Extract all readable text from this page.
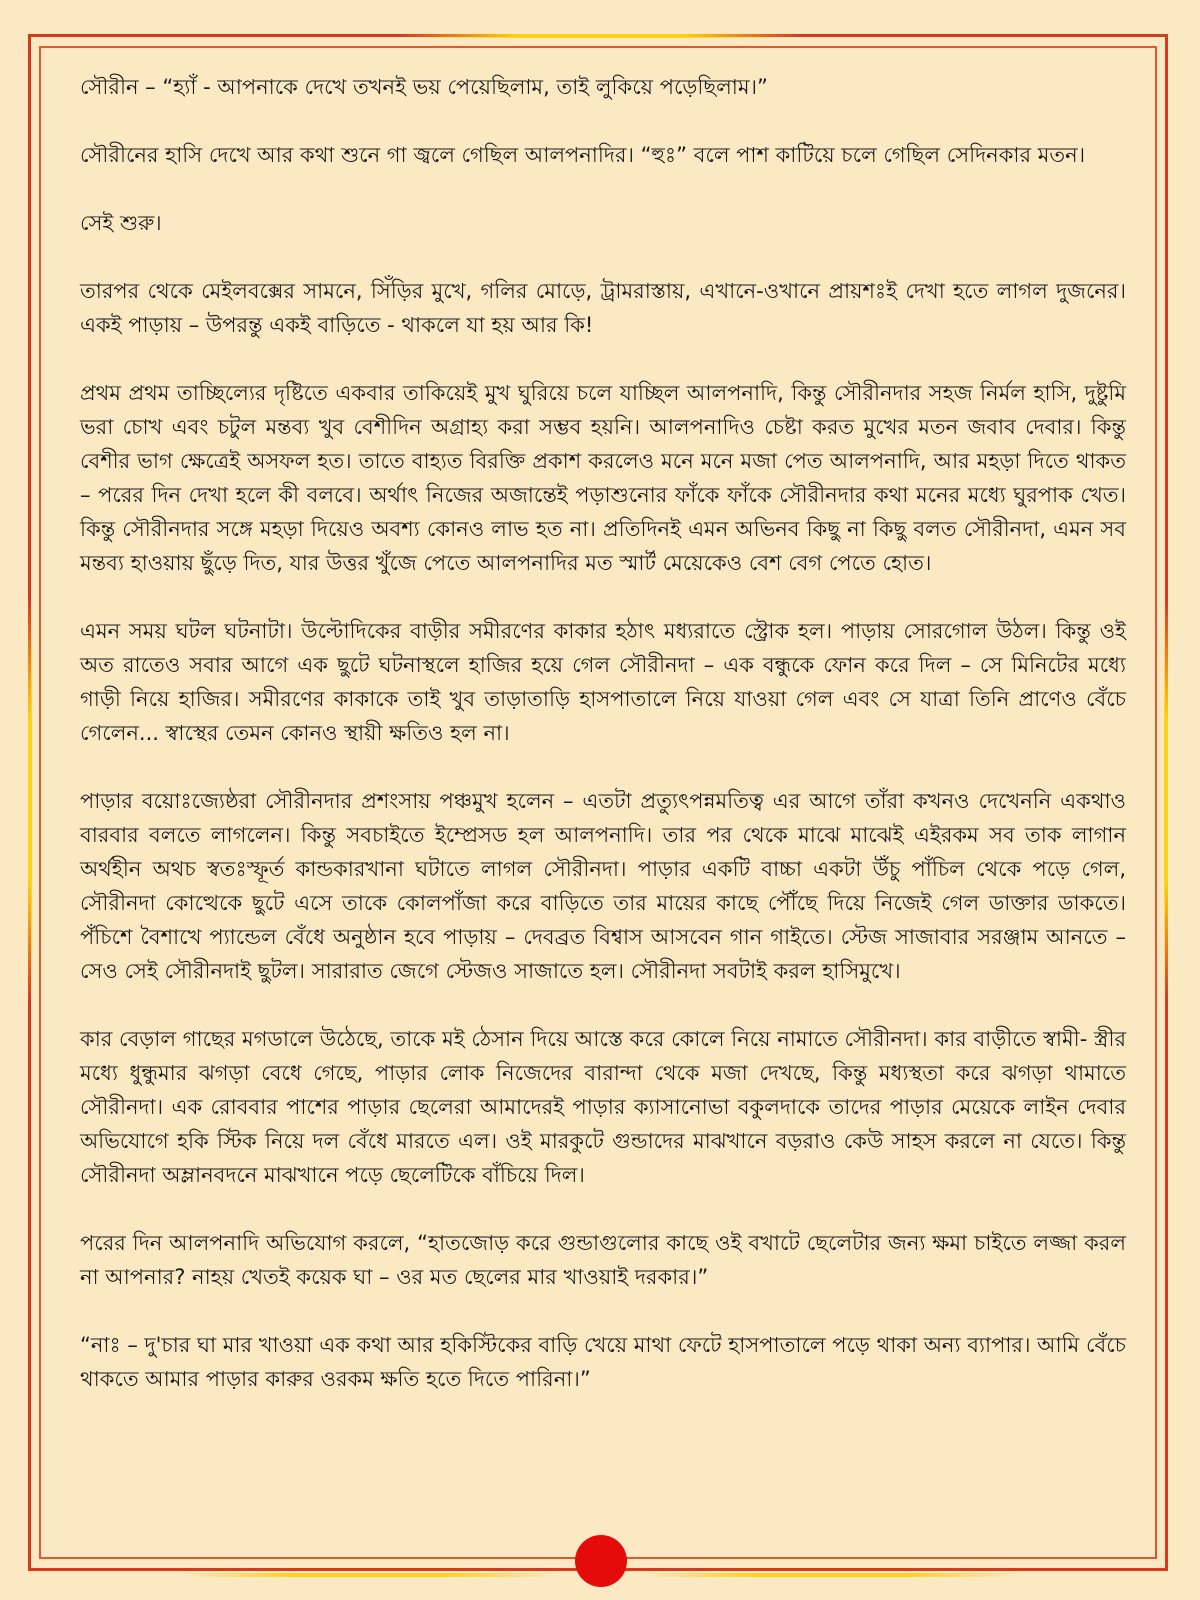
সৌরীন – “হ্যাঁ - আপনাকে দেখে তখনই ভয় পেয়েছিলাম, তাই লুকিয়ে পড়েছিলাম।”

সৌরীনের হাসি দেখে আর কথা শুনে গা জ্বলে গেছিল আলপনাদির। “হুঃ” বলে পাশ কাটিয়ে চলে গেছিল সেদিনকার মতন।

সেই শুরু।

তারপর থেকে মেইলবক্সের সামনে, সিঁড়ির মুখে, গলির মোড়ে, ট্রামরাস্তায়, এখানে-ওখানে প্রায়শঃই দেখা হতে লাগল দুজনের। একই পাড়ায় – উপরন্তু একই বাড়িতে - থাকলে যা হয় আর কি!

প্রথম প্রথম তাচ্ছিল্যের দৃষ্টিতে একবার তাকিয়েই মুখ ঘুরিয়ে চলে যাচ্ছিল আলপনাদি, কিন্তু সৌরীনদার সহজ নির্মল হাসি, দুষ্টুমি ভরা চোখ এবং চটুল মন্তব্য খুব বেশীদিন অগ্রাহ্য করা সম্ভব হয়নি। আলপনাদিও চেষ্টা করত মুখের মতন জবাব দেবার। কিন্তু বেশীর ভাগ ক্ষেত্রেই অসফল হত। তাতে বাহ্যত বিরক্তি প্রকাশ করলেও মনে মনে মজা পেত আলপনাদি, আর মহড়া দিতে থাকত – পরের দিন দেখা হলে কী বলবে। অর্থাৎ নিজের অজান্তেই পড়াশুনোর ফাঁকে ফাঁকে সৌরীনদার কথা মনের মধ্যে ঘুরপাক খেত। কিন্তু সৌরীনদার সঙ্গে মহড়া দিয়েও অবশ্য কোনও লাভ হত না। প্রতিদিনই এমন অভিনব কিছু না কিছু বলত সৌরীনদা, এমন সব মন্তব্য হাওয়ায় ছুঁড়ে দিত, যার উত্তর খুঁজে পেতে আলপনাদির মত স্মার্ট মেয়েকেও বেশ বেগ পেতে হোত।

এমন সময় ঘটল ঘটনাটা। উল্টোদিকের বাড়ীর সমীরণের কাকার হঠাৎ মধ্যরাতে স্ট্রোক হল। পাড়ায় সোরগোল উঠল। কিন্তু ওই অত রাতেও সবার আগে এক ছুটে ঘটনাস্থলে হাজির হয়ে গেল সৌরীনদা – এক বন্ধুকে ফোন করে দিল – সে মিনিটের মধ্যে গাড়ী নিয়ে হাজির। সমীরণের কাকাকে তাই খুব তাড়াতাড়ি হাসপাতালে নিয়ে যাওয়া গেল এবং সে যাত্রা তিনি প্রাণেও বেঁচে গেলেন... স্বাস্থের তেমন কোনও স্থায়ী ক্ষতিও হল না।

পাড়ার বয়োঃজ্যেষ্ঠরা সৌরীনদার প্রশংসায় পঞ্চমুখ হলেন – এতটা প্রত্যুৎপন্নমতিত্ব এর আগে তাঁরা কখনও দেখেননি একথাও বারবার বলতে লাগলেন। কিন্তু সবচাইতে ইম্প্রেসড হল আলপনাদি। তার পর থেকে মাঝে মাঝেই এইরকম সব তাক লাগান অর্থহীন অথচ স্বতঃস্ফূর্ত কান্ডকারখানা ঘটাতে লাগল সৌরীনদা। পাড়ার একটি বাচ্চা একটা উঁচু পাঁচিল থেকে পড়ে গেল, সৌরীনদা কোত্থেকে ছুটে এসে তাকে কোলপাঁজা করে বাড়িতে তার মায়ের কাছে পৌঁছে দিয়ে নিজেই গেল ডাক্তার ডাকতে। পঁচিশে বৈশাখে প্যান্ডেল বেঁধে অনুষ্ঠান হবে পাড়ায় – দেবব্রত বিশ্বাস আসবেন গান গাইতে। স্টেজ সাজাবার সরঞ্জাম আনতে – সেও সেই সৌরীনদাই ছুটল। সারারাত জেগে স্টেজও সাজাতে হল। সৌরীনদা সবটাই করল হাসিমুখে।

কার বেড়াল গাছের মগডালে উঠেছে, তাকে মই ঠেসান দিয়ে আস্তে করে কোলে নিয়ে নামাতে সৌরীনদা। কার বাড়ীতে স্বামী- স্ত্রীর মধ্যে ধুন্ধুমার ঝগড়া বেধে গেছে, পাড়ার লোক নিজেদের বারান্দা থেকে মজা দেখছে, কিন্তু মধ্যস্থতা করে ঝগড়া থামাতে সৌরীনদা। এক রোববার পাশের পাড়ার ছেলেরা আমাদেরই পাড়ার ক্যাসানোভা বকুলদাকে তাদের পাড়ার মেয়েকে লাইন দেবার অভিযোগে হকি স্টিক নিয়ে দল বেঁধে মারতে এল। ওই মারকুটে গুন্ডাদের মাঝখানে বড়রাও কেউ সাহস করলে না যেতে। কিন্তু সৌরীনদা অম্লানবদনে মাঝখানে পড়ে ছেলেটিকে বাঁচিয়ে দিল।

পরের দিন আলপনাদি অভিযোগ করলে, “হাতজোড় করে গুন্ডাগুলোর কাছে ওই বখাটে ছেলেটার জন্য ক্ষমা চাইতে লজ্জা করল না আপনার? নাহয় খেতই কয়েক ঘা – ওর মত ছেলের মার খাওয়াই দরকার।”

“নাঃ – দু'চার ঘা মার খাওয়া এক কথা আর হকিস্টিকের বাড়ি খেয়ে মাথা ফেটে হাসপাতালে পড়ে থাকা অন্য ব্যাপার। আমি বেঁচে থাকতে আমার পাড়ার কারুর ওরকম ক্ষতি হতে দিতে পারিনা।”
